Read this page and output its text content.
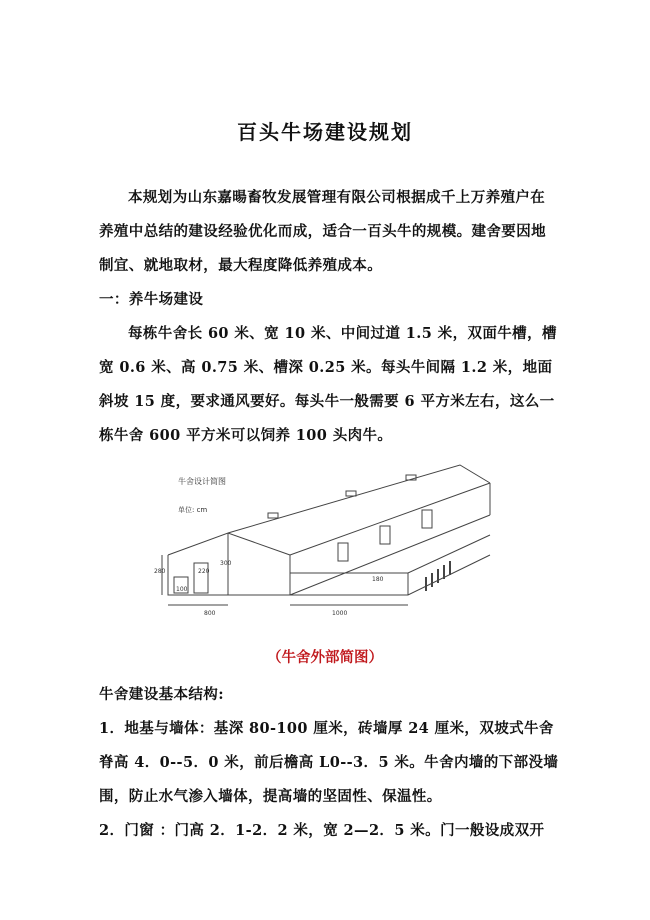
百头牛场建设规划

本规划为山东嘉暘畜牧发展管理有限公司根据成千上万养殖户在养殖中总结的建设经验优化而成，适合一百头牛的规模。建舍要因地制宜、就地取材，最大程度降低养殖成本。

一：养牛场建设

每栋牛舍长 60 米、宽 10 米、中间过道 1.5 米，双面牛槽，槽宽 0.6 米、高 0.75 米、槽深 0.25 米。每头牛间隔 1.2 米，地面斜坡 15 度，要求通风要好。每头牛一般需要 6 平方米左右，这么一栋牛舍 600 平方米可以饲养 100 头肉牛。

牛舍设计简图
单位: cm
280
300
220
180
100
800	1000
（牛舍外部简图）

牛舍建设基本结构:

1．地基与墙体：基深 80-100 厘米，砖墙厚 24 厘米，双坡式牛舍脊高 4．0--5．0 米，前后檐高 L0--3．5 米。牛舍内墙的下部没墙围，防止水气渗入墙体，提高墙的坚固性、保温性。

2．门窗 ：门高 2．1-2．2 米，宽 2—2．5 米。门一般设成双开
